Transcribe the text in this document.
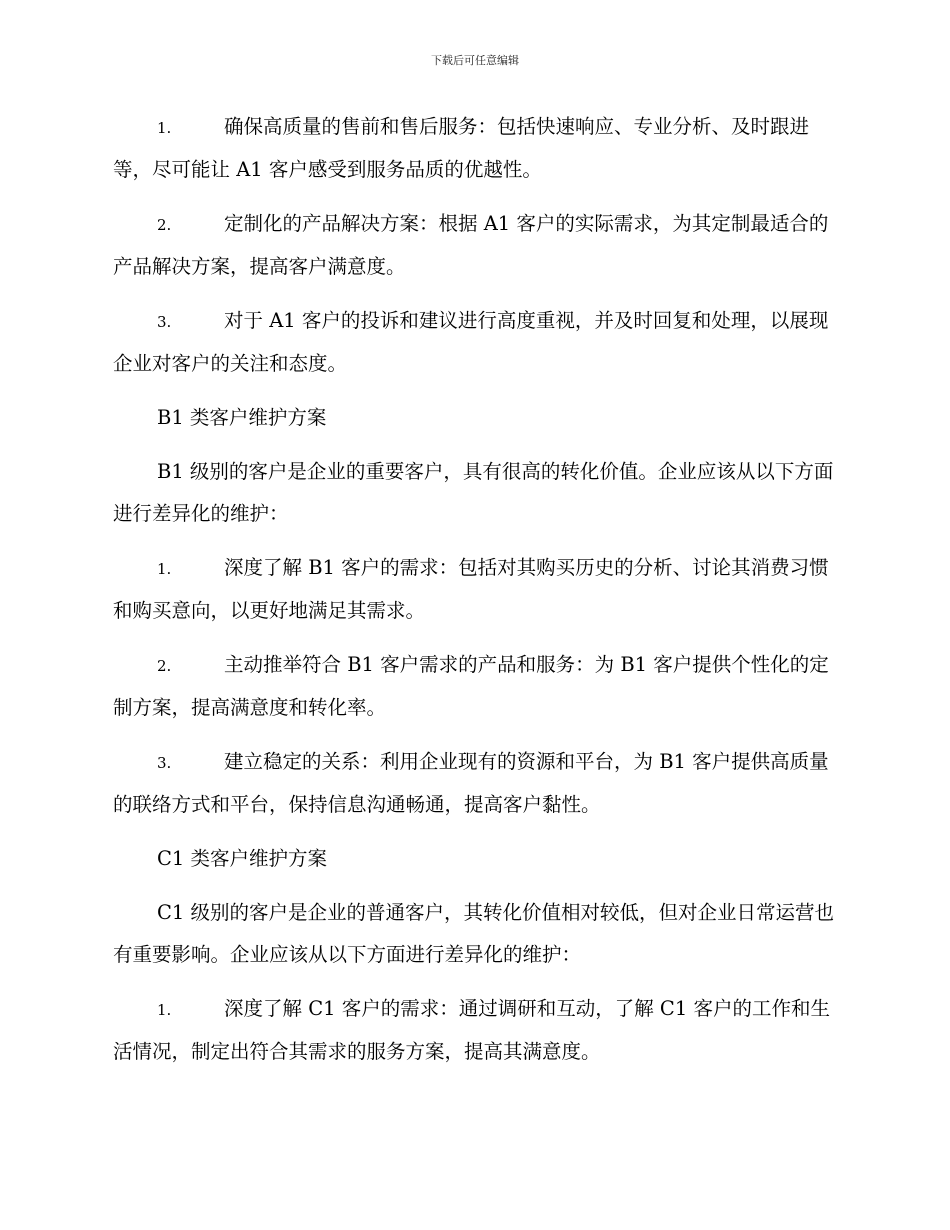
下载后可任意编辑

1.	确保高质量的售前和售后服务：包括快速响应、专业分析、及时跟进等，尽可能让 A1 客户感受到服务品质的优越性。

2.	定制化的产品解决方案：根据 A1 客户的实际需求，为其定制最适合的产品解决方案，提高客户满意度。

3.	对于 A1 客户的投诉和建议进行高度重视，并及时回复和处理，以展现企业对客户的关注和态度。

B1 类客户维护方案

B1 级别的客户是企业的重要客户，具有很高的转化价值。企业应该从以下方面进行差异化的维护：

1.	深度了解 B1 客户的需求：包括对其购买历史的分析、讨论其消费习惯和购买意向，以更好地满足其需求。

2.	主动推举符合 B1 客户需求的产品和服务：为 B1 客户提供个性化的定制方案，提高满意度和转化率。

3.	建立稳定的关系：利用企业现有的资源和平台，为 B1 客户提供高质量的联络方式和平台，保持信息沟通畅通，提高客户黏性。

C1 类客户维护方案

C1 级别的客户是企业的普通客户，其转化价值相对较低，但对企业日常运营也有重要影响。企业应该从以下方面进行差异化的维护：

1.	深度了解 C1 客户的需求：通过调研和互动，了解 C1 客户的工作和生活情况，制定出符合其需求的服务方案，提高其满意度。
